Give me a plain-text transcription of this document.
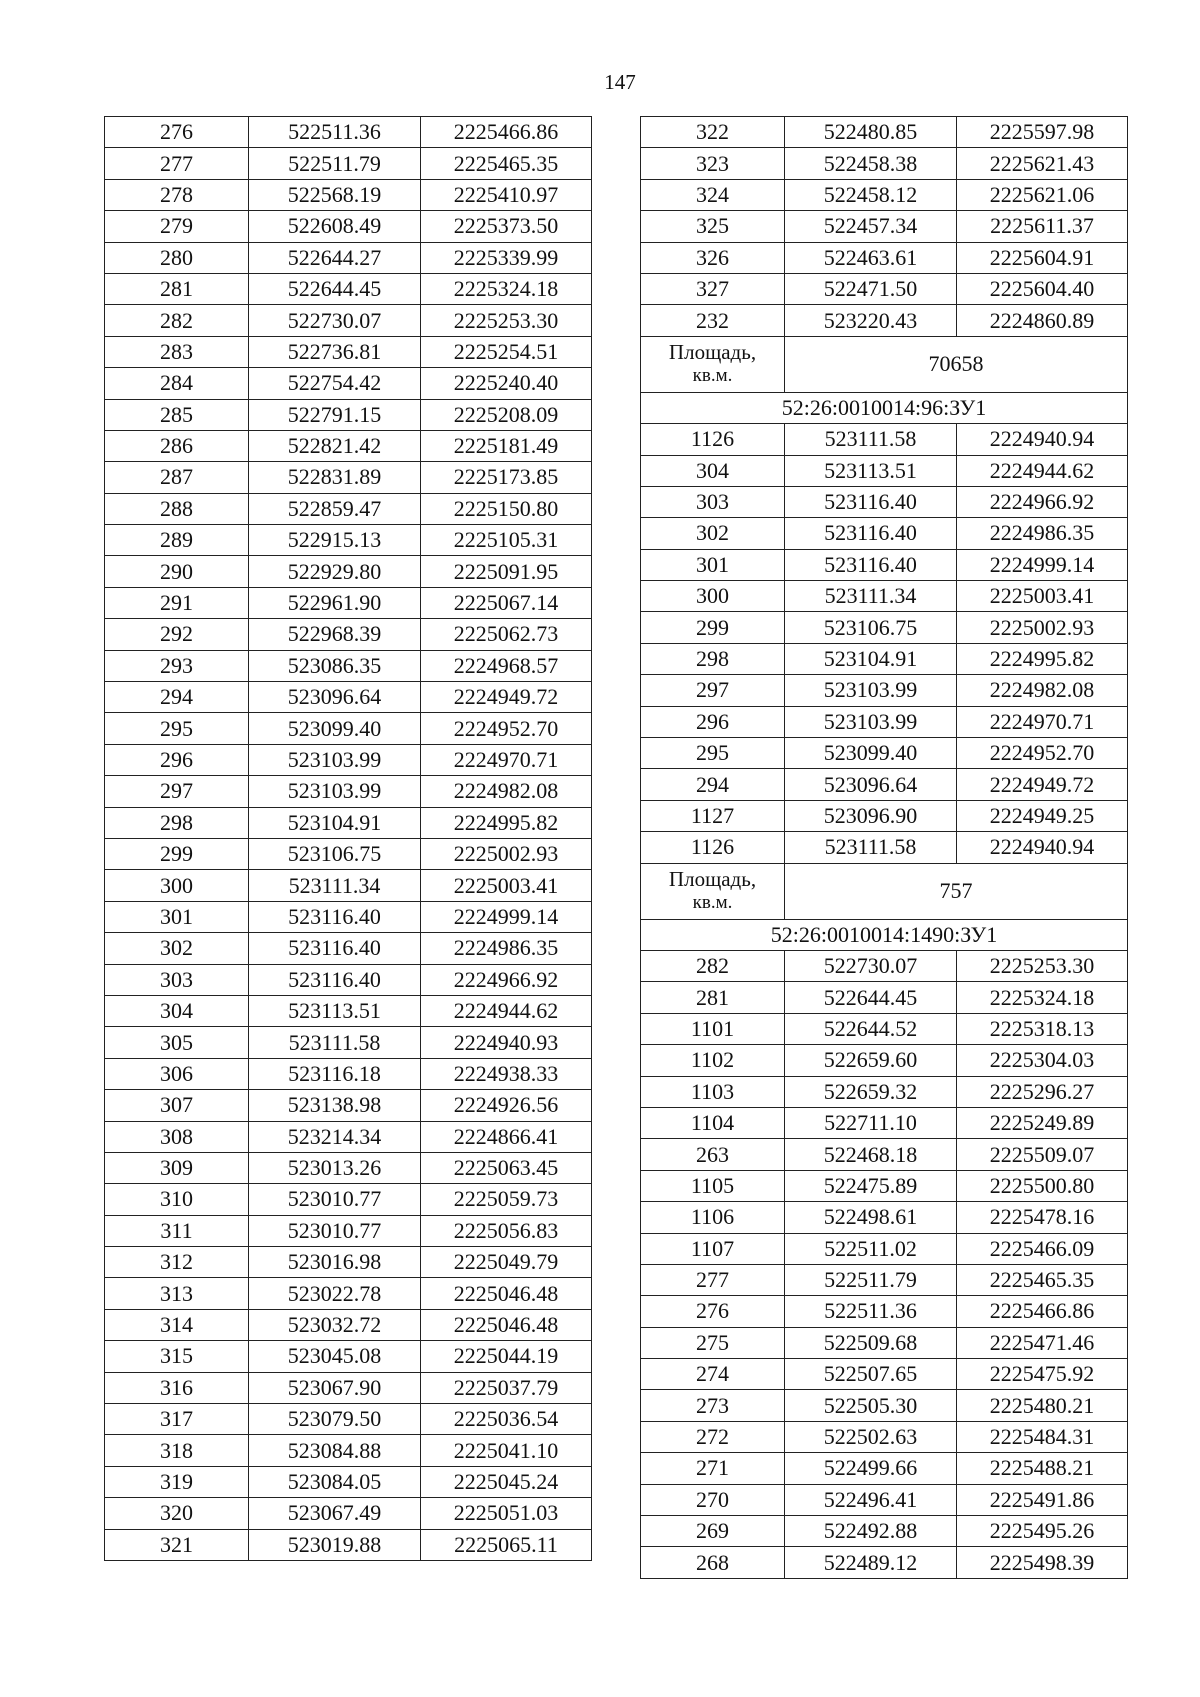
147
276	522511.36	2225466.86
277	522511.79	2225465.35
278	522568.19	2225410.97
279	522608.49	2225373.50
280	522644.27	2225339.99
281	522644.45	2225324.18
282	522730.07	2225253.30
283	522736.81	2225254.51
284	522754.42	2225240.40
285	522791.15	2225208.09
286	522821.42	2225181.49
287	522831.89	2225173.85
288	522859.47	2225150.80
289	522915.13	2225105.31
290	522929.80	2225091.95
291	522961.90	2225067.14
292	522968.39	2225062.73
293	523086.35	2224968.57
294	523096.64	2224949.72
295	523099.40	2224952.70
296	523103.99	2224970.71
297	523103.99	2224982.08
298	523104.91	2224995.82
299	523106.75	2225002.93
300	523111.34	2225003.41
301	523116.40	2224999.14
302	523116.40	2224986.35
303	523116.40	2224966.92
304	523113.51	2224944.62
305	523111.58	2224940.93
306	523116.18	2224938.33
307	523138.98	2224926.56
308	523214.34	2224866.41
309	523013.26	2225063.45
310	523010.77	2225059.73
311	523010.77	2225056.83
312	523016.98	2225049.79
313	523022.78	2225046.48
314	523032.72	2225046.48
315	523045.08	2225044.19
316	523067.90	2225037.79
317	523079.50	2225036.54
318	523084.88	2225041.10
319	523084.05	2225045.24
320	523067.49	2225051.03
321	523019.88	2225065.11
322	522480.85	2225597.98
323	522458.38	2225621.43
324	522458.12	2225621.06
325	522457.34	2225611.37
326	522463.61	2225604.91
327	522471.50	2225604.40
232	523220.43	2224860.89

Площадь,
кв.м.	70658	
52:26:0010014:96:ЗУ1		
1126	523111.58	2224940.94
304	523113.51	2224944.62
303	523116.40	2224966.92
302	523116.40	2224986.35
301	523116.40	2224999.14
300	523111.34	2225003.41
299	523106.75	2225002.93
298	523104.91	2224995.82
297	523103.99	2224982.08
296	523103.99	2224970.71
295	523099.40	2224952.70
294	523096.64	2224949.72
1127	523096.90	2224949.25
1126	523111.58	2224940.94

Площадь,
кв.м.	757	
52:26:0010014:1490:ЗУ1		
282	522730.07	2225253.30
281	522644.45	2225324.18
1101	522644.52	2225318.13
1102	522659.60	2225304.03
1103	522659.32	2225296.27
1104	522711.10	2225249.89
263	522468.18	2225509.07
1105	522475.89	2225500.80
1106	522498.61	2225478.16
1107	522511.02	2225466.09
277	522511.79	2225465.35
276	522511.36	2225466.86
275	522509.68	2225471.46
274	522507.65	2225475.92
273	522505.30	2225480.21
272	522502.63	2225484.31
271	522499.66	2225488.21
270	522496.41	2225491.86
269	522492.88	2225495.26
268	522489.12	2225498.39
